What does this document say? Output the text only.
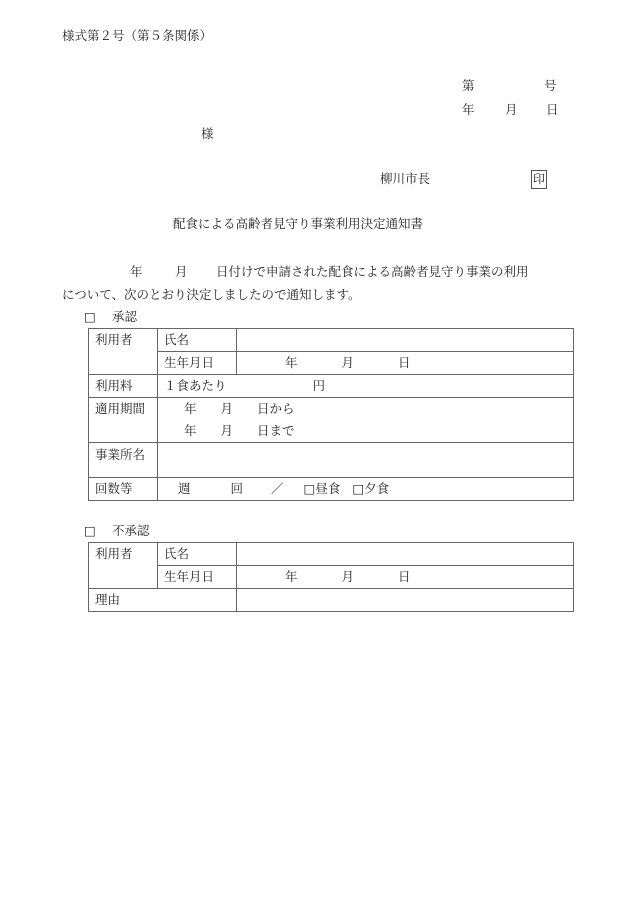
様式第２号（第５条関係）
第	号
年 月 日
様
柳川市長	印
配食による高齢者見守り事業利用決定通知書
年	月 日付けで申請された配食による高齢者見守り事業の利用
について、次のとおり決定しましたので通知します。
□ 承認
利用者	氏名	
	生年月日	年 月 日
利用料	１食あたり 円	
適用期間	年 月 日から	
	年 月 日まで	
事業所名		
回数等	週 回 ／ □昼食 □夕食	
□ 不承認
利用者	氏名	
	生年月日	年 月 日
理由		
